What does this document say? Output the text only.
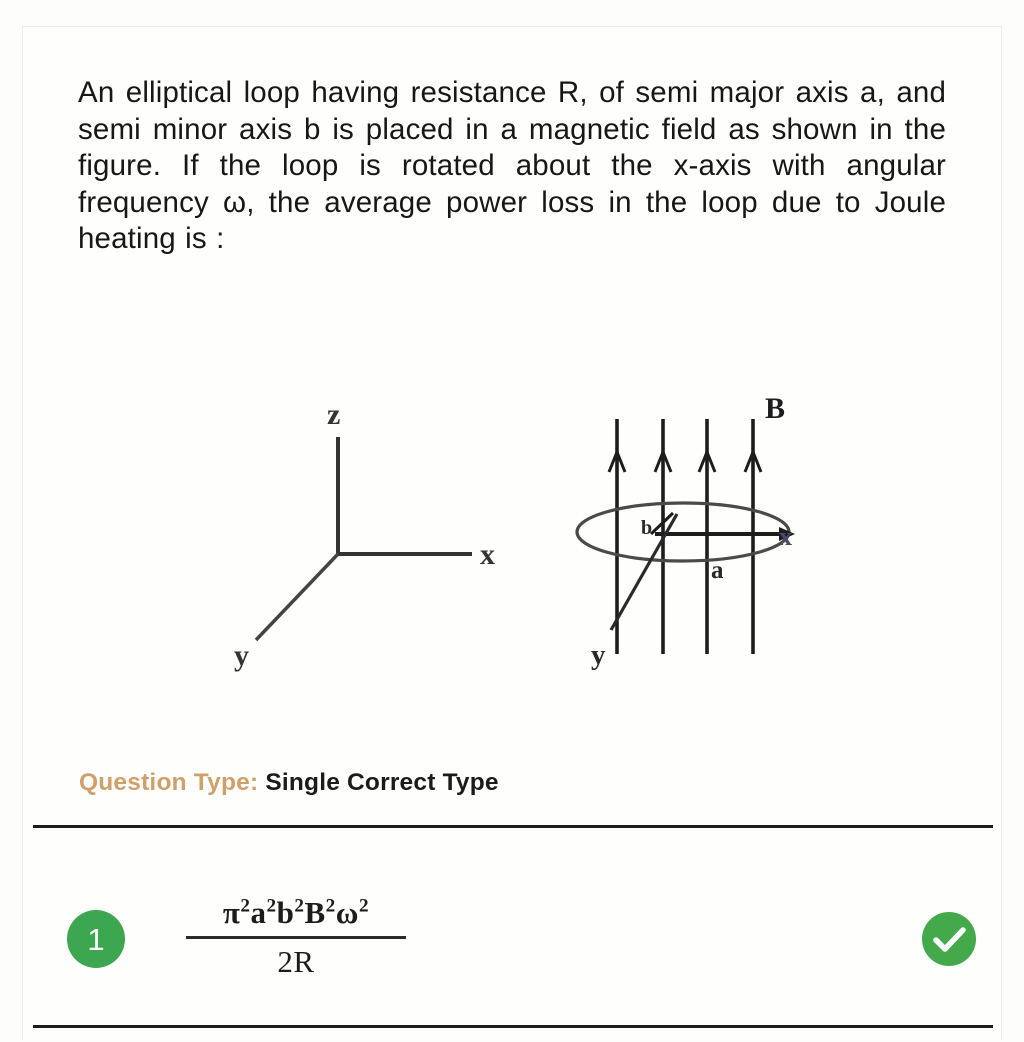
An elliptical loop having resistance R, of semi major axis a, and semi minor axis b is placed in a magnetic field as shown in the figure. If the loop is rotated about the x-axis with angular frequency ω, the average power loss in the loop due to Joule heating is :
z
x
y
x
B
y
b
a
Question Type: Single Correct Type
1
$\pi^2a^2b^2B^2\omega^2$
2R
